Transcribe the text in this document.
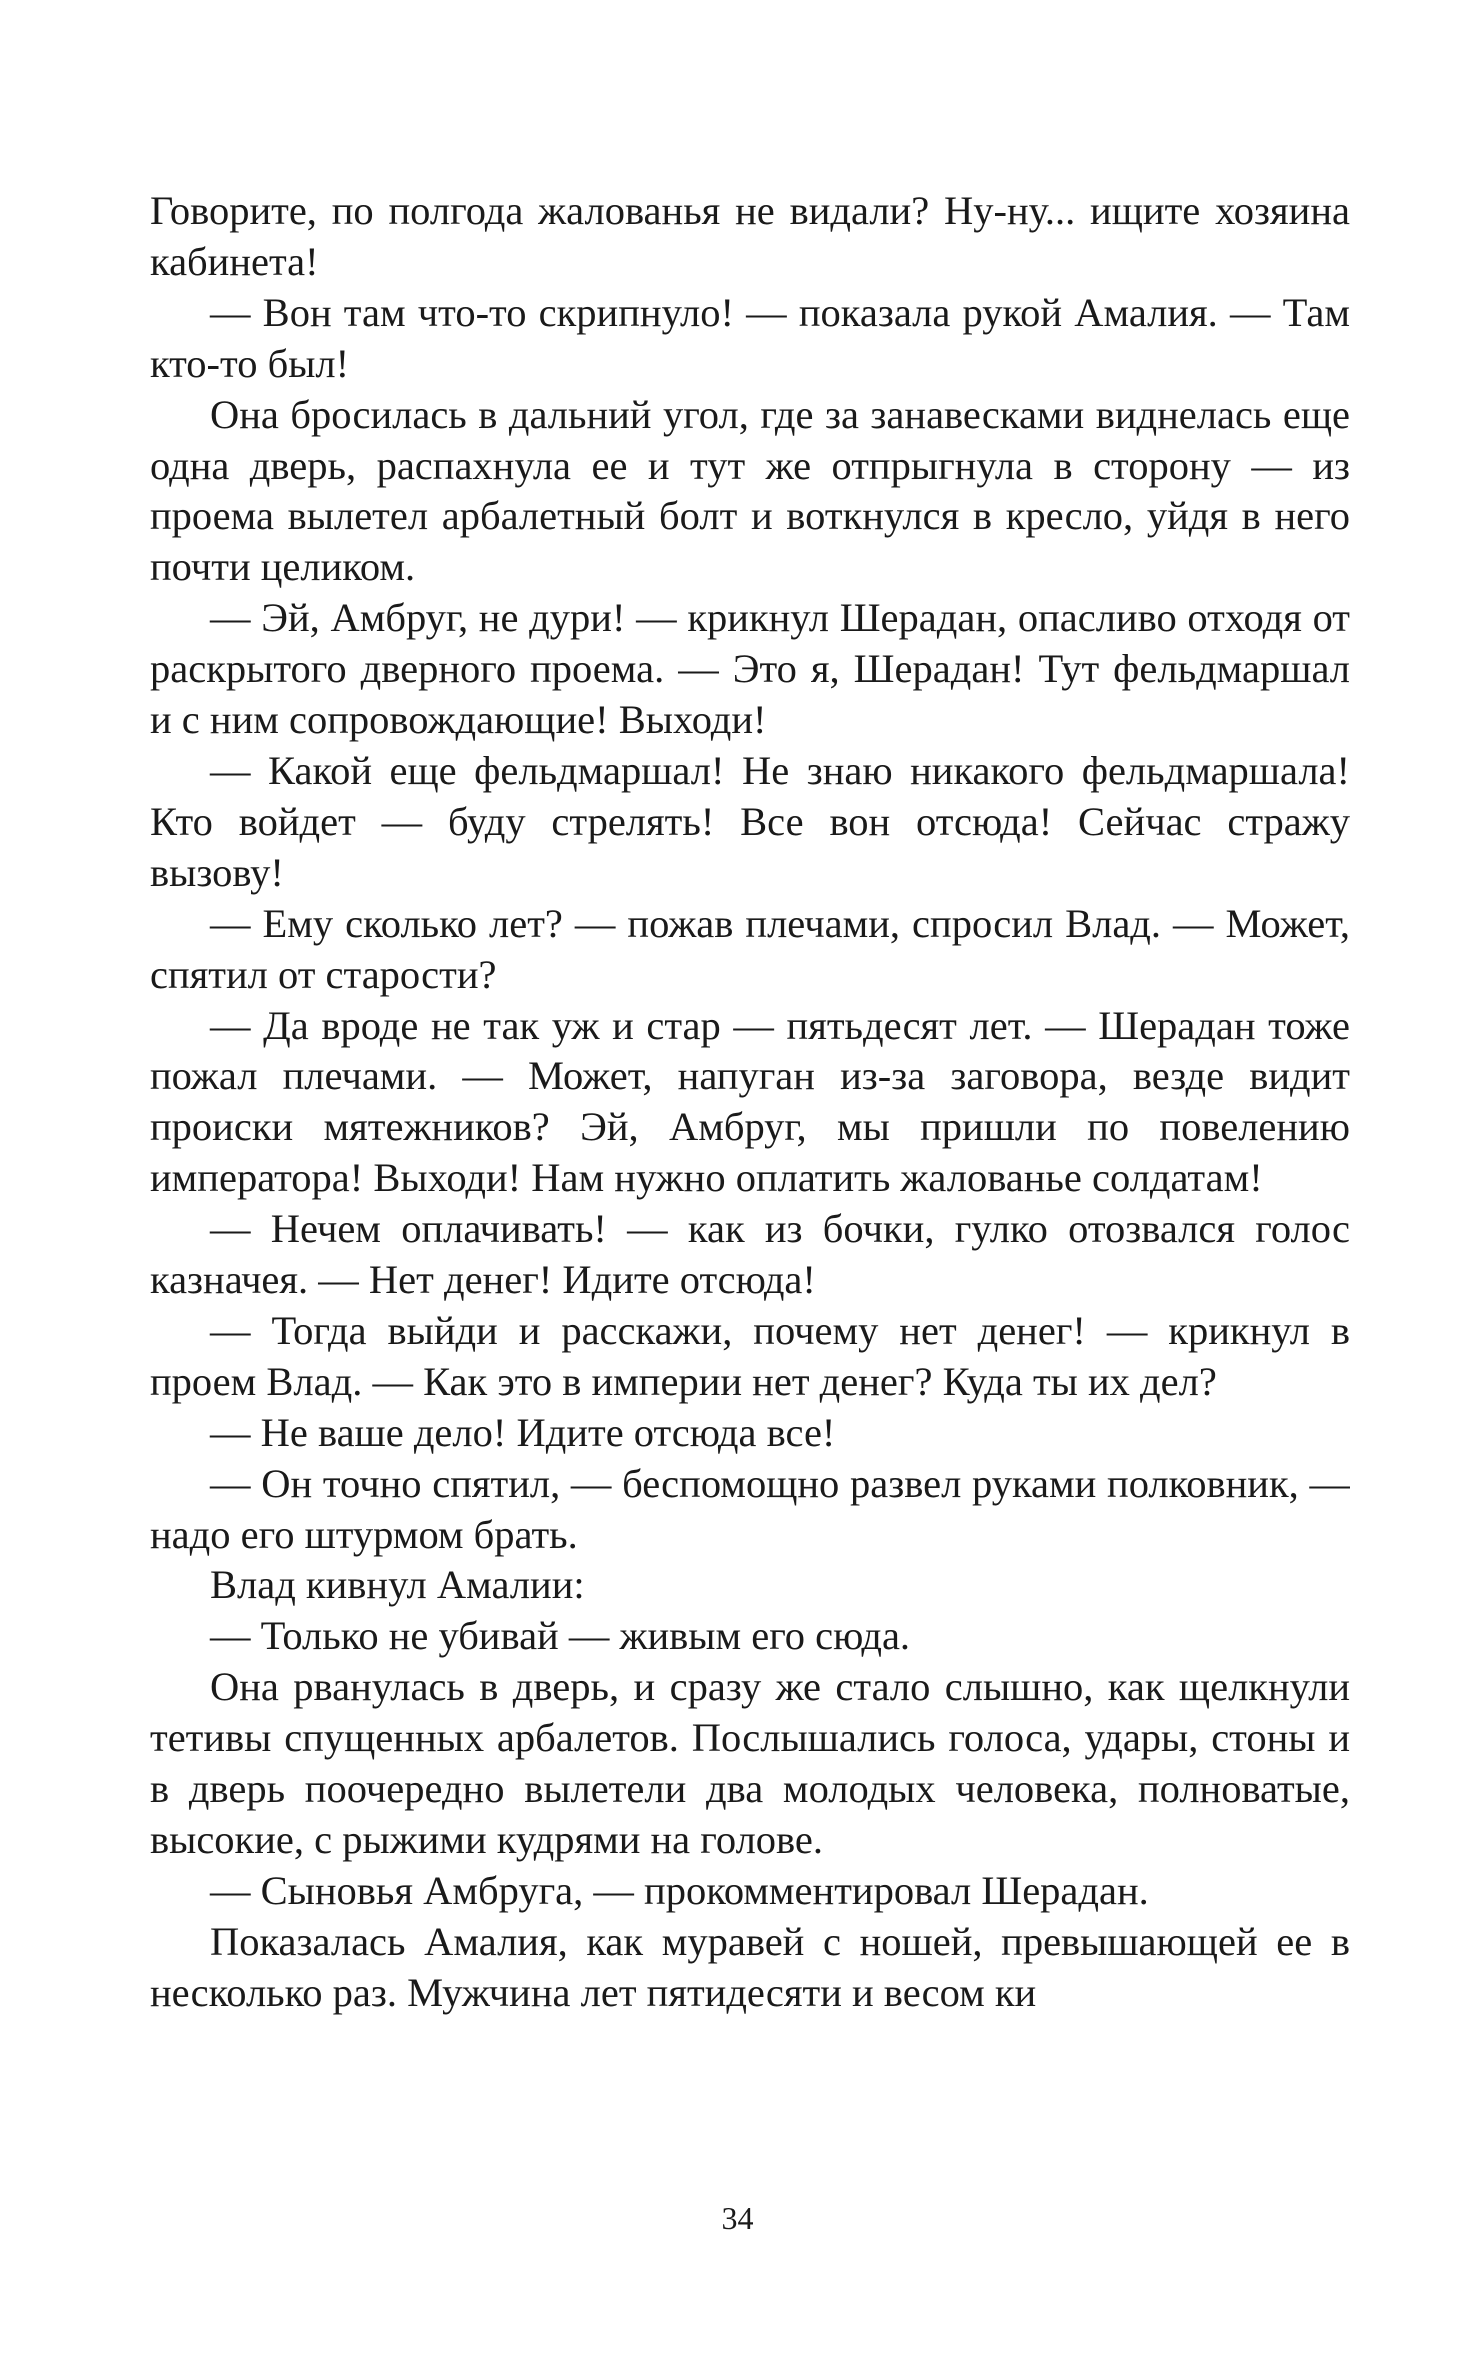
Говорите, по полгода жалованья не видали? Ну-ну... ищите хозяина кабинета!

— Вон там что-то скрипнуло! — показала рукой Амалия. — Там кто-то был!

Она бросилась в дальний угол, где за занавесками виднелась еще одна дверь, распахнула ее и тут же отпрыгнула в сторону — из проема вылетел арбалетный болт и воткнулся в кресло, уйдя в него почти целиком.

— Эй, Амбруг, не дури! — крикнул Шерадан, опасливо отходя от раскрытого дверного проема. — Это я, Шерадан! Тут фельдмаршал и с ним сопровождающие! Выходи!

— Какой еще фельдмаршал! Не знаю никакого фельдмаршала! Кто войдет — буду стрелять! Все вон отсюда! Сейчас стражу вызову!

— Ему сколько лет? — пожав плечами, спросил Влад. — Может, спятил от старости?

— Да вроде не так уж и стар — пятьдесят лет. — Шерадан тоже пожал плечами. — Может, напуган из-за заговора, везде видит происки мятежников? Эй, Амбруг, мы пришли по повелению императора! Выходи! Нам нужно оплатить жалованье солдатам!

— Нечем оплачивать! — как из бочки, гулко отозвался голос казначея. — Нет денег! Идите отсюда!

— Тогда выйди и расскажи, почему нет денег! — крикнул в проем Влад. — Как это в империи нет денег? Куда ты их дел?

— Не ваше дело! Идите отсюда все!

— Он точно спятил, — беспомощно развел руками полковник, — надо его штурмом брать.

Влад кивнул Амалии:

— Только не убивай — живым его сюда.

Она рванулась в дверь, и сразу же стало слышно, как щелкнули тетивы спущенных арбалетов. Послышались голоса, удары, стоны и в дверь поочередно вылетели два молодых человека, полноватые, высокие, с рыжими кудрями на голове.

— Сыновья Амбруга, — прокомментировал Шерадан.

Показалась Амалия, как муравей с ношей, превышающей ее в несколько раз. Мужчина лет пятидесяти и весом ки

34
